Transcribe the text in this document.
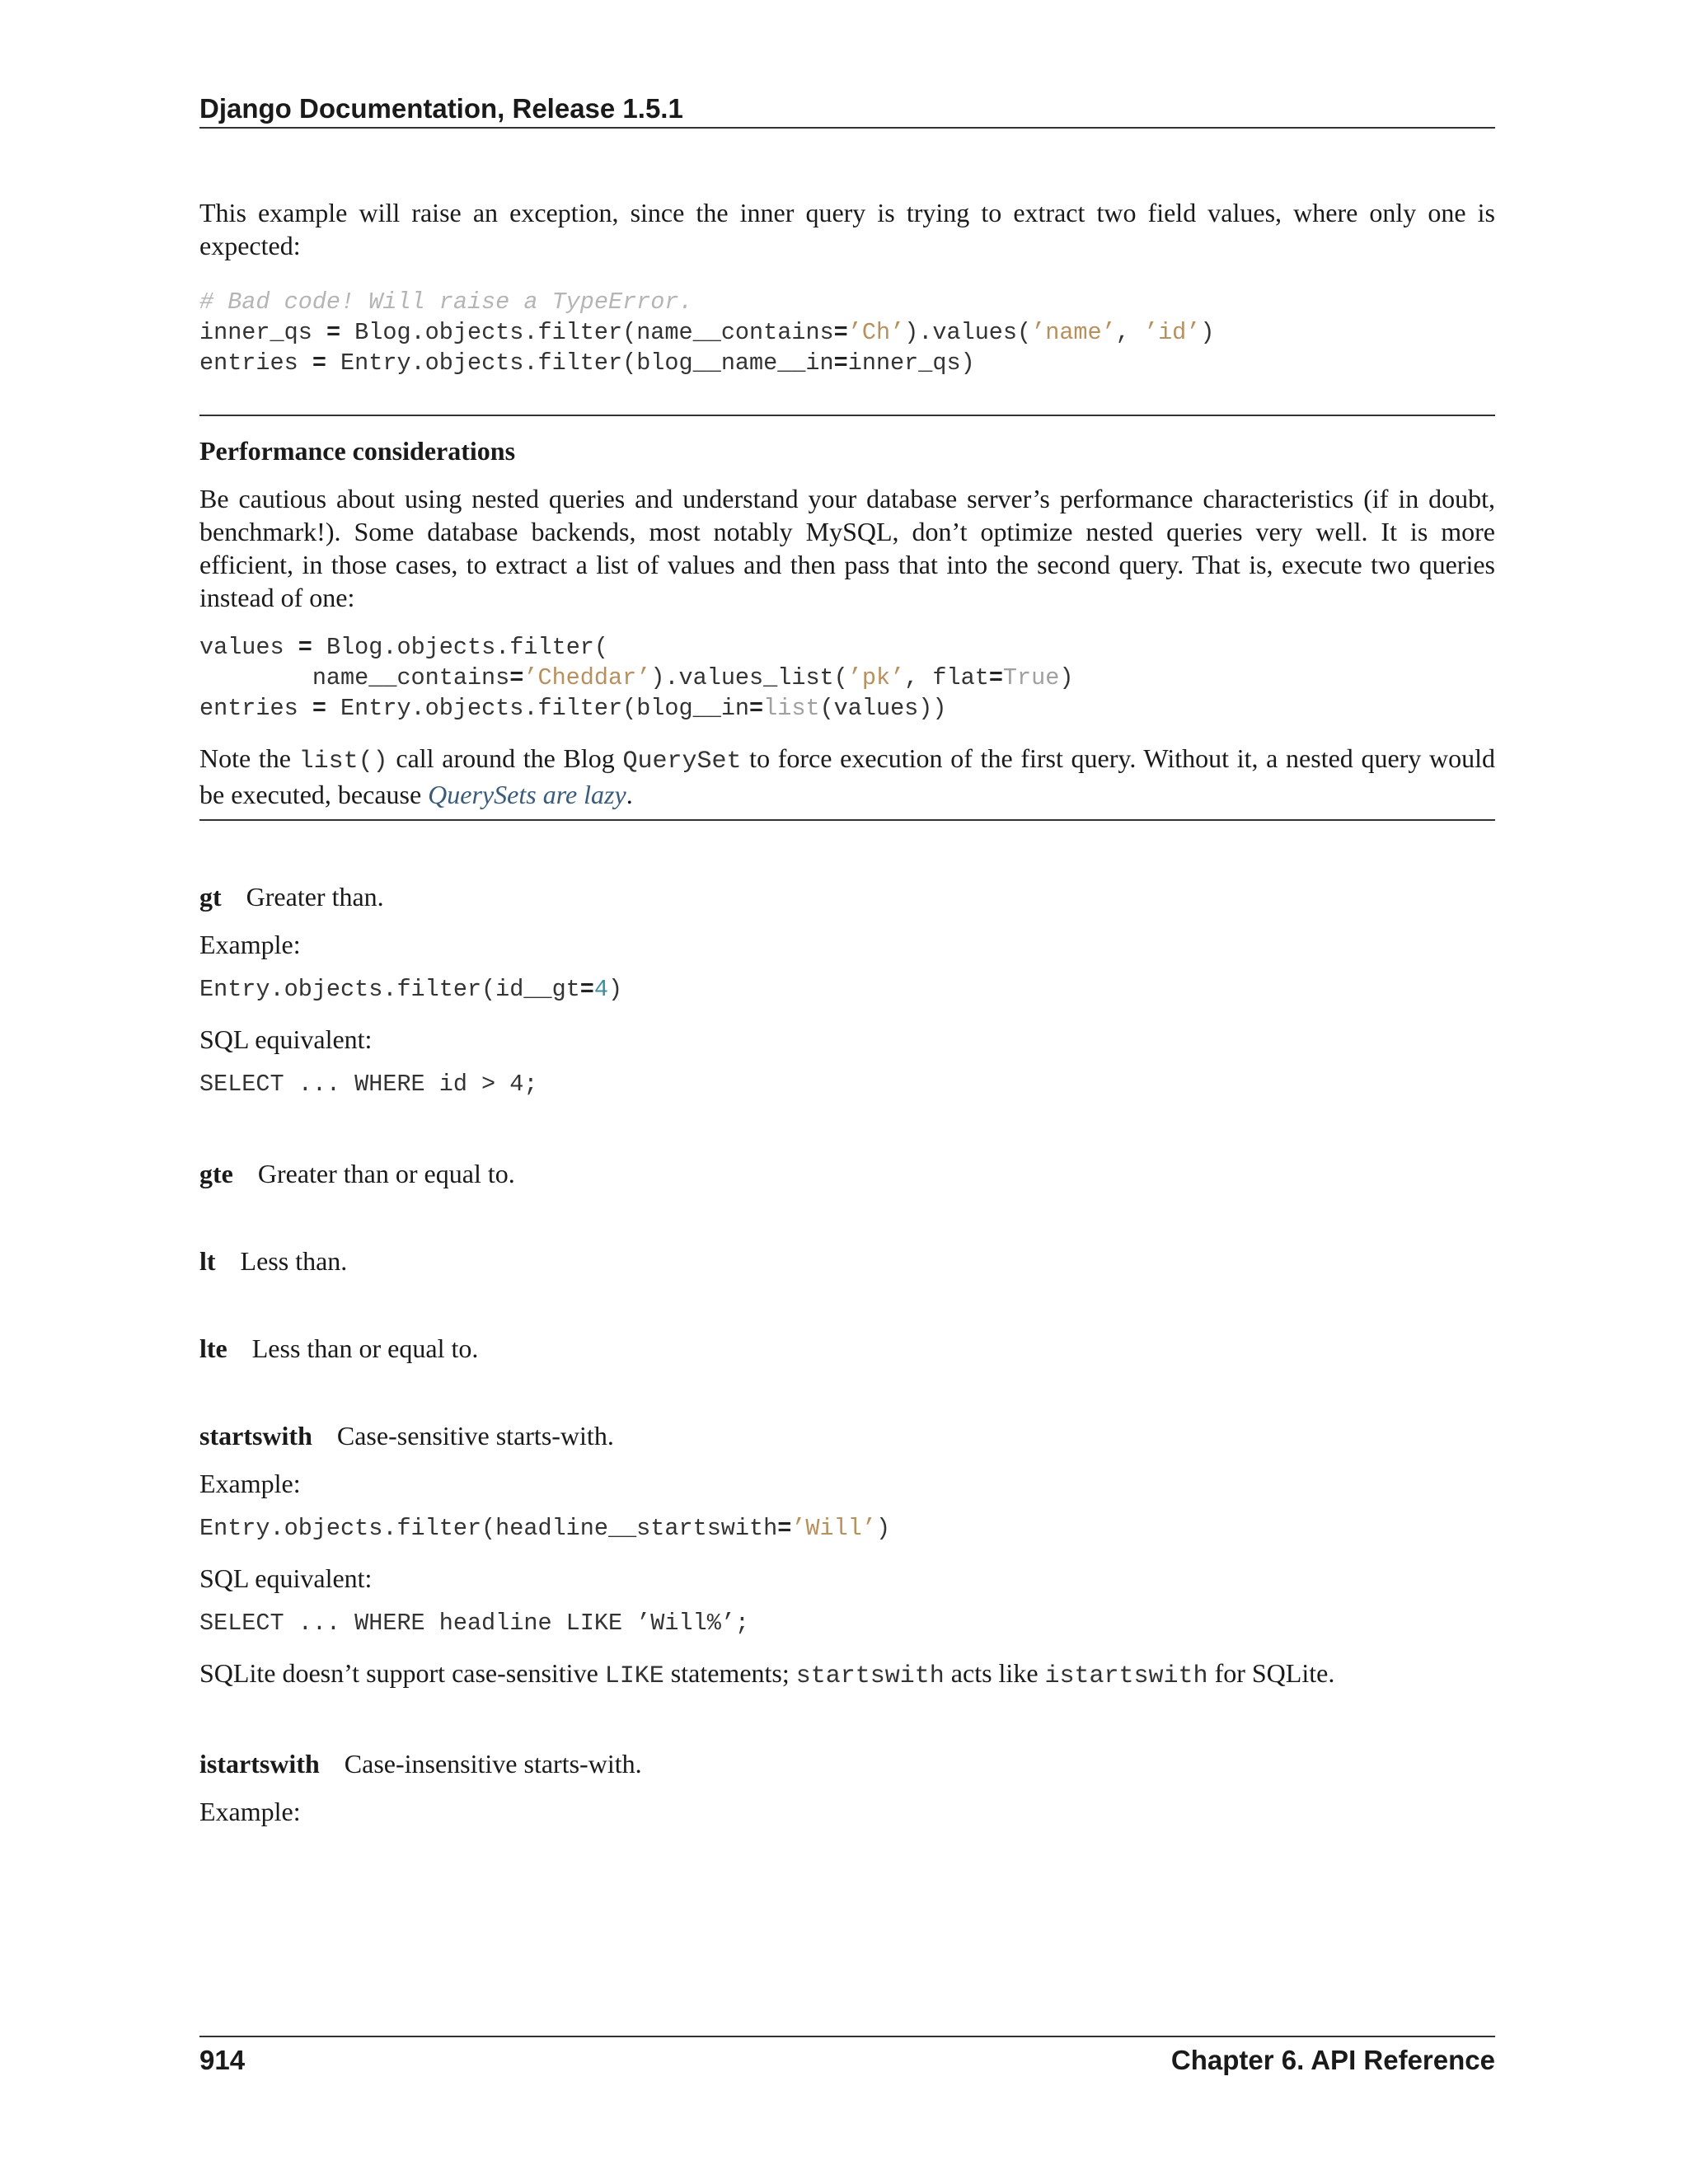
Django Documentation, Release 1.5.1

This example will raise an exception, since the inner query is trying to extract two field values, where only one is expected:

# Bad code! Will raise a TypeError.
inner_qs = Blog.objects.filter(name__contains=’Ch’).values(’name’, ’id’)
entries = Entry.objects.filter(blog__name__in=inner_qs)

Performance considerations

Be cautious about using nested queries and understand your database server’s performance characteristics (if in doubt, benchmark!). Some database backends, most notably MySQL, don’t optimize nested queries very well. It is more efficient, in those cases, to extract a list of values and then pass that into the second query. That is, execute two queries instead of one:

values = Blog.objects.filter(
name__contains=’Cheddar’).values_list(’pk’, flat=True)
entries = Entry.objects.filter(blog__in=list(values))

Note the list() call around the Blog QuerySet to force execution of the first query. Without it, a nested query would be executed, because QuerySets are lazy.

gt Greater than.

Example:

Entry.objects.filter(id__gt=4)

SQL equivalent:

SELECT ... WHERE id > 4;
gte Greater than or equal to.
lt Less than.
lte Less than or equal to.
startswith Case-sensitive starts-with.

Example:

Entry.objects.filter(headline__startswith=’Will’)

SQL equivalent:

SELECT ... WHERE headline LIKE ’Will%’;

SQLite doesn’t support case-sensitive LIKE statements; startswith acts like istartswith for SQLite.

istartswith Case-insensitive starts-with.

Example:

914	Chapter 6. API Reference
